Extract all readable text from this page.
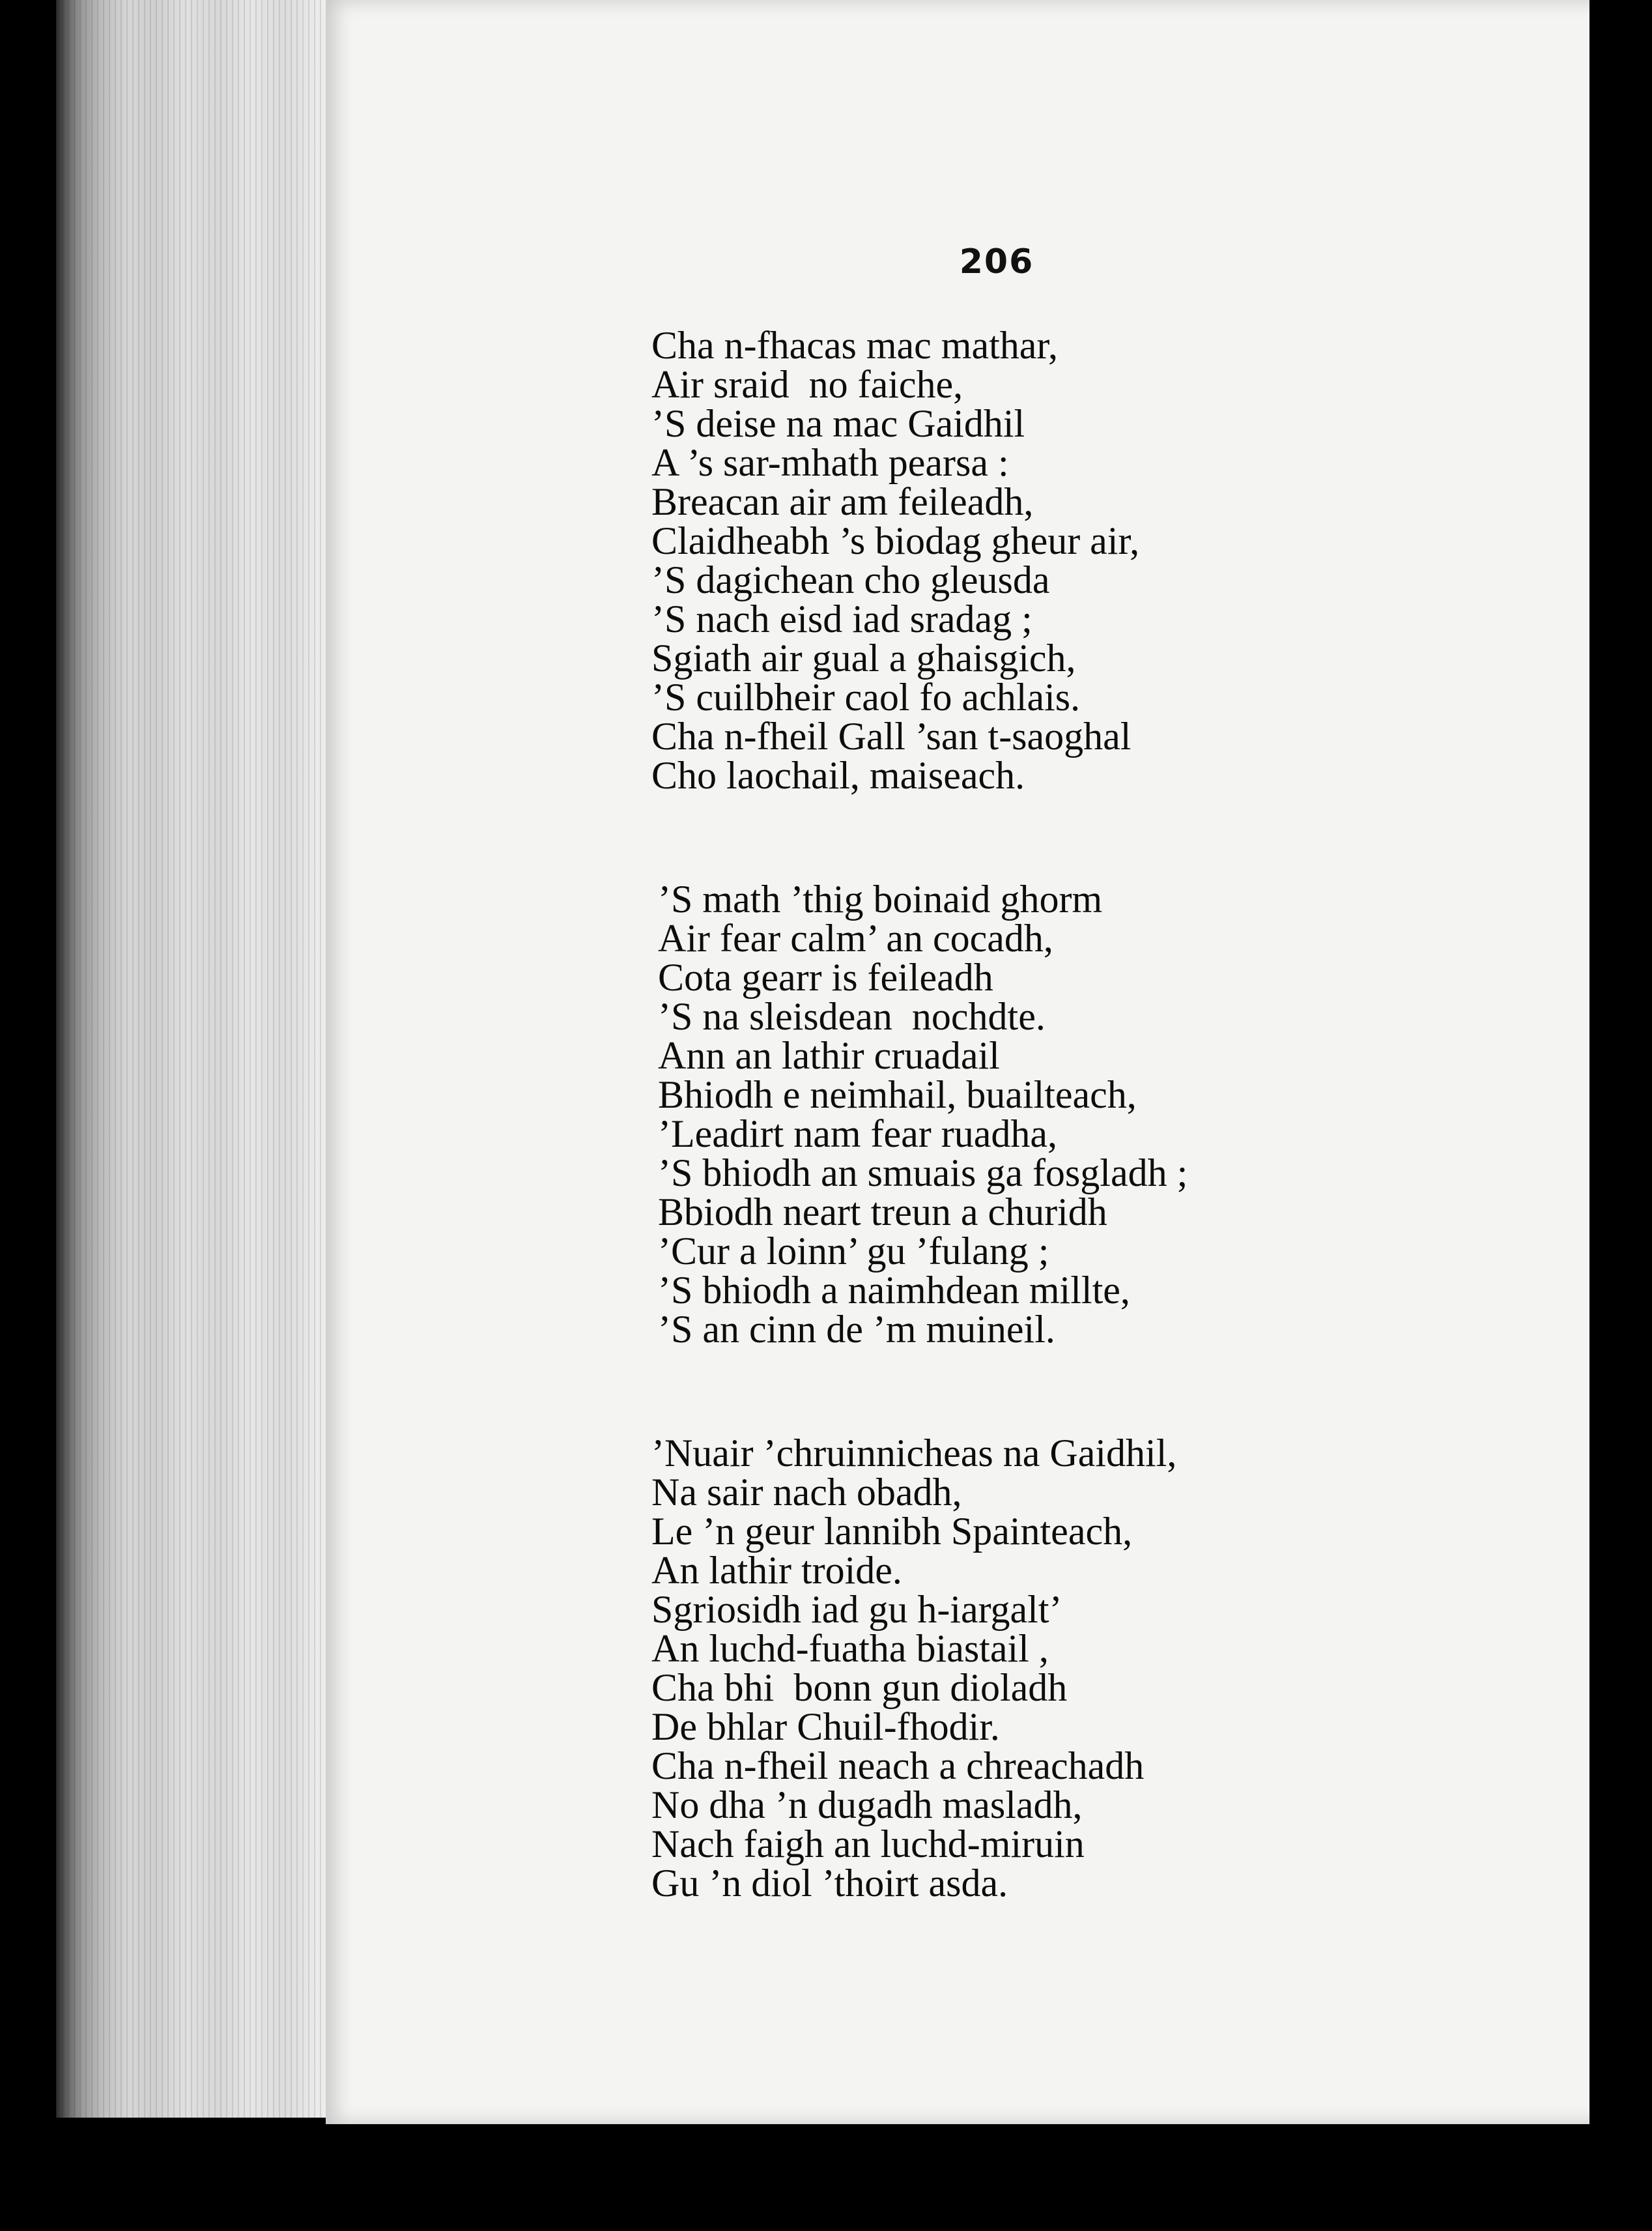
206
Cha n-fhacas mac mathar,
Air sraid  no faiche,
’S deise na mac Gaidhil
A ’s sar-mhath pearsa :
Breacan air am feileadh,
Claidheabh ’s biodag gheur air,
’S dagichean cho gleusda
’S nach eisd iad sradag ;
Sgiath air gual a ghaisgich,
’S cuilbheir caol fo achlais.
Cha n-fheil Gall ’san t-saoghal
Cho laochail, maiseach.
’S math ’thig boinaid ghorm
Air fear calm’ an cocadh,
Cota gearr is feileadh
’S na sleisdean  nochdte.
Ann an lathir cruadail
Bhiodh e neimhail, buailteach,
’Leadirt nam fear ruadha,
’S bhiodh an smuais ga fosgladh ;
Bbiodh neart treun a churidh
’Cur a loinn’ gu ’fulang ;
’S bhiodh a naimhdean millte,
’S an cinn de ’m muineil.
’Nuair ’chruinnicheas na Gaidhil,
Na sair nach obadh,
Le ’n geur lannibh Spainteach,
An lathir troide.
Sgriosidh iad gu h-iargalt’
An luchd-fuatha biastail ,
Cha bhi  bonn gun dioladh
De bhlar Chuil-fhodir.
Cha n-fheil neach a chreachadh
No dha ’n dugadh masladh,
Nach faigh an luchd-miruin
Gu ’n diol ’thoirt asda.
